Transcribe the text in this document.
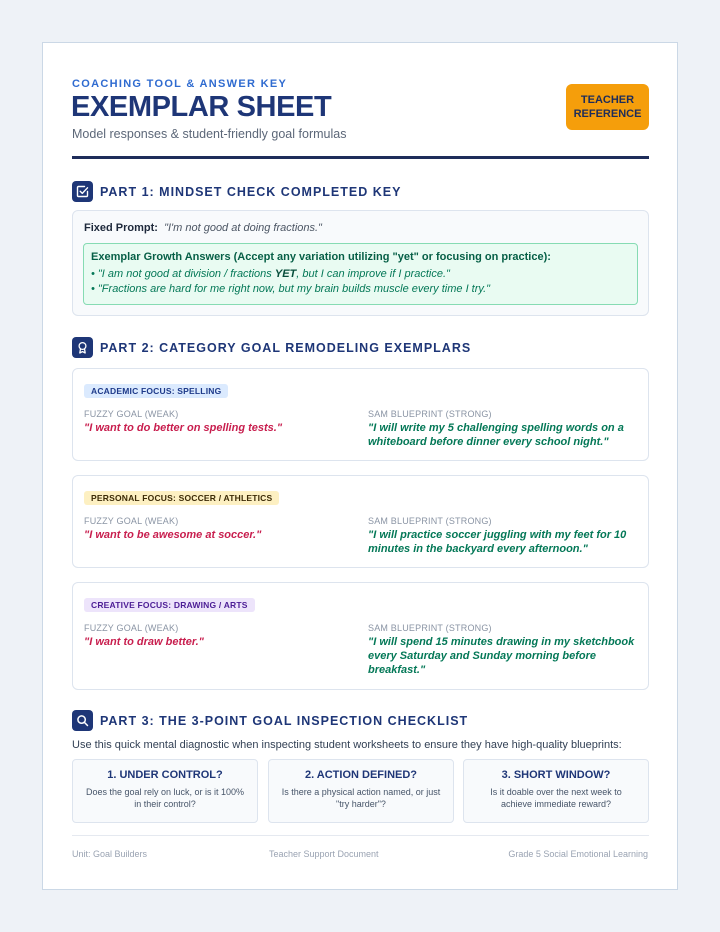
COACHING TOOL & ANSWER KEY
EXEMPLAR SHEET
Model responses & student-friendly goal formulas
TEACHER
REFERENCE
PART 1: MINDSET CHECK COMPLETED KEY
Fixed Prompt: "I'm not good at doing fractions."
Exemplar Growth Answers (Accept any variation utilizing "yet" or focusing on practice):
• "I am not good at division / fractions YET, but I can improve if I practice."
• "Fractions are hard for me right now, but my brain builds muscle every time I try."
PART 2: CATEGORY GOAL REMODELING EXEMPLARS
ACADEMIC FOCUS: SPELLING
FUZZY GOAL (WEAK)	SAM BLUEPRINT (STRONG)
"I want to do better on spelling tests."	"I will write my 5 challenging spelling words on a whiteboard before dinner every school night."
PERSONAL FOCUS: SOCCER / ATHLETICS
FUZZY GOAL (WEAK)	SAM BLUEPRINT (STRONG)
"I want to be awesome at soccer."	"I will practice soccer juggling with my feet for 10 minutes in the backyard every afternoon."
CREATIVE FOCUS: DRAWING / ARTS
FUZZY GOAL (WEAK)	SAM BLUEPRINT (STRONG)
"I want to draw better."	"I will spend 15 minutes drawing in my sketchbook every Saturday and Sunday morning before breakfast."
PART 3: THE 3-POINT GOAL INSPECTION CHECKLIST
Use this quick mental diagnostic when inspecting student worksheets to ensure they have high-quality blueprints:
1. UNDER CONTROL?
Does the goal rely on luck, or is it 100% in their control?
2. ACTION DEFINED?
Is there a physical action named, or just "try harder"?
3. SHORT WINDOW?
Is it doable over the next week to achieve immediate reward?
Unit: Goal Builders	Teacher Support Document	Grade 5 Social Emotional Learning
